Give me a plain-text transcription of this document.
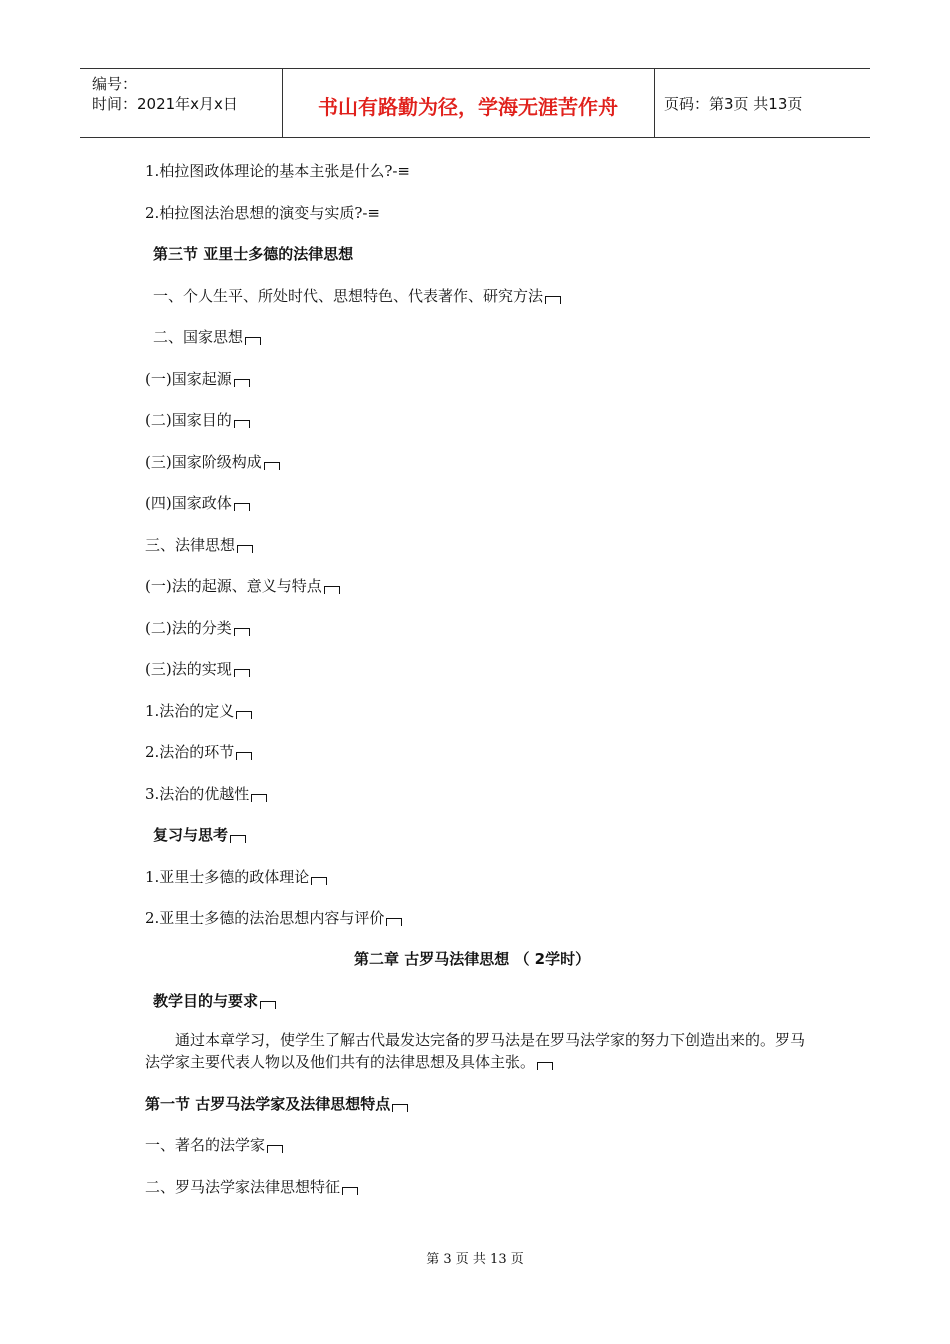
编号：
时间：2021年x月x日	书山有路勤为径，学海无涯苦作舟	页码：第3页 共13页
1.柏拉图政体理论的基本主张是什么?-≡
2.柏拉图法治思想的演变与实质?-≡
第三节 亚里士多德的法律思想
一、个人生平、所处时代、思想特色、代表著作、研究方法
二、国家思想
(一)国家起源
(二)国家目的
(三)国家阶级构成
(四)国家政体
三、法律思想
(一)法的起源、意义与特点
(二)法的分类
(三)法的实现
1.法治的定义
2.法治的环节
3.法治的优越性
复习与思考
1.亚里士多德的政体理论
2.亚里士多德的法治思想内容与评价
第二章 古罗马法律思想 （ 2学时）
教学目的与要求
通过本章学习，使学生了解古代最发达完备的罗马法是在罗马法学家的努力下创造出来的。罗马法学家主要代表人物以及他们共有的法律思想及具体主张。
第一节 古罗马法学家及法律思想特点
一、著名的法学家
二、罗马法学家法律思想特征
第 3 页 共 13 页
